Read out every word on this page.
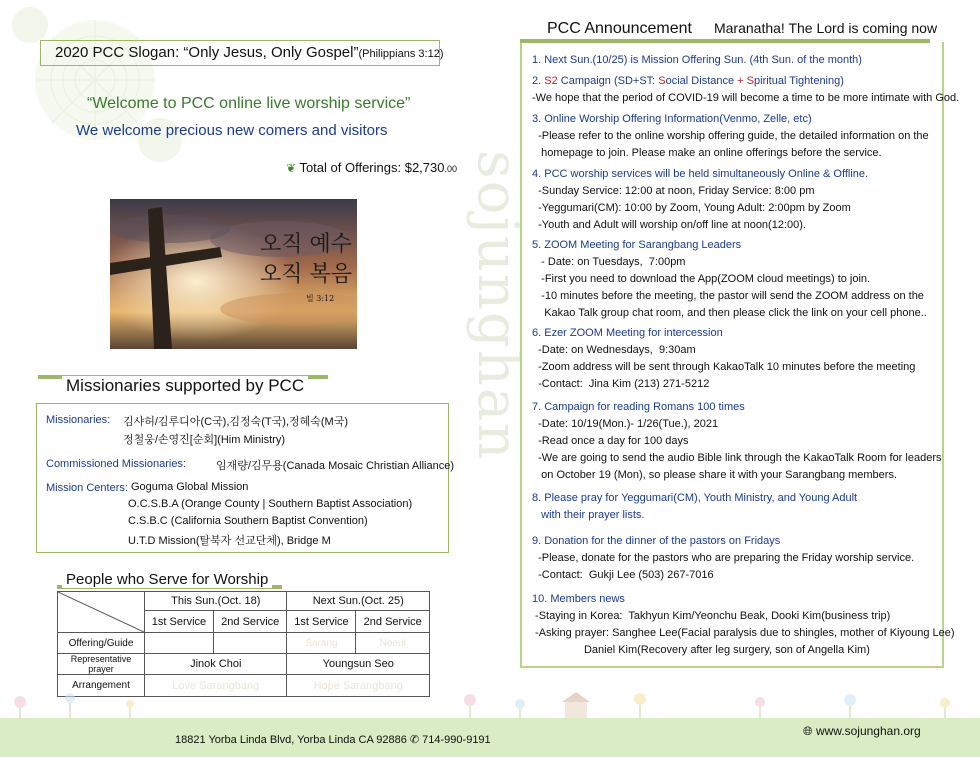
2020 PCC Slogan: “Only Jesus, Only Gospel”(Philippians 3:12)
“Welcome to PCC online live worship service”
We welcome precious new comers and visitors
❦ Total of Offerings: $2,730.00
오직 예수
오직 복음
빌 3:12
Missionaries supported by PCC
Missionaries: 김샤허/김루디아(C국),김정숙(T국),정혜숙(M국)
정철웅/손영진[순회](Him Ministry)
Commissioned Missionaries:	임재량/김무용(Canada Mosaic Christian Alliance)
Mission Centers: Goguma Global Mission
O.C.S.B.A (Orange County | Southern Baptist Association)
C.S.B.C (California Southern Baptist Convention)
U.T.D Mission(탈북자 선교단체), Bridge M
People who Serve for Worship
	This Sun.(Oct. 18)		Next Sun.(Oct. 25)	
	1st Service	2nd Service	1st Service	2nd Service
Offering/Guide			Sarang	Noeul
Representative prayer	Jinok Choi		Youngsun Seo	
Arrangement	Love Sarangbang		Hope Sarangbang	
sojunghan
PCC Announcement Maranatha! The Lord is coming now
1. Next Sun.(10/25) is Mission Offering Sun. (4th Sun. of the month)
2. S2 Campaign (SD+ST: Social Distance + Spiritual Tightening)
-We hope that the period of COVID-19 will become a time to be more intimate with God.
3. Online Worship Offering Information(Venmo, Zelle, etc)
-Please refer to the online worship offering guide, the detailed information on the
homepage to join. Please make an online offerings before the service.
4. PCC worship services will be held simultaneously Online & Offline.
-Sunday Service: 12:00 at noon, Friday Service: 8:00 pm
-Yeggumari(CM): 10:00 by Zoom, Young Adult: 2:00pm by Zoom
-Youth and Adult will worship on/off line at noon(12:00).
5. ZOOM Meeting for Sarangbang Leaders
- Date: on Tuesdays,  7:00pm
-First you need to download the App(ZOOM cloud meetings) to join.
-10 minutes before the meeting, the pastor will send the ZOOM address on the
Kakao Talk group chat room, and then please click the link on your cell phone..
6. Ezer ZOOM Meeting for intercession
-Date: on Wednesdays,  9:30am
-Zoom address will be sent through KakaoTalk 10 minutes before the meeting
-Contact:  Jina Kim (213) 271-5212
7. Campaign for reading Romans 100 times
-Date: 10/19(Mon.)- 1/26(Tue.), 2021
-Read once a day for 100 days
-We are going to send the audio Bible link through the KakaoTalk Room for leaders
on October 19 (Mon), so please share it with your Sarangbang members.
8. Please pray for Yeggumari(CM), Youth Ministry, and Young Adult
with their prayer lists.
9. Donation for the dinner of the pastors on Fridays
-Please, donate for the pastors who are preparing the Friday worship service.
-Contact:  Gukji Lee (503) 267-7016
10. Members news
-Staying in Korea:  Takhyun Kim/Yeonchu Beak, Dooki Kim(business trip)
-Asking prayer: Sanghee Lee(Facial paralysis due to shingles, mother of Kiyoung Lee)
Daniel Kim(Recovery after leg surgery, son of Angella Kim)
18821 Yorba Linda Blvd, Yorba Linda CA 92886 ✆ 714-990-9191
🌐︎ www.sojunghan.org
